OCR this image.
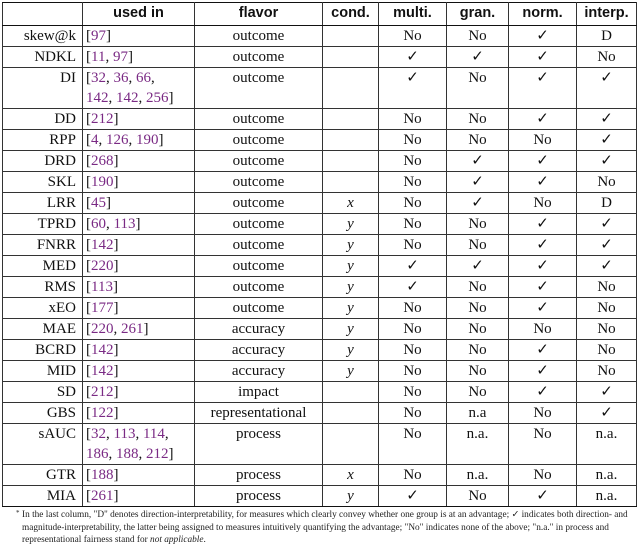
	used in	flavor	cond.	multi.	gran.	norm.	interp.
skew@k	[97]	outcome		No	No	✓	D
NDKL	[11, 97]	outcome		✓	✓	✓	No
DI	[32, 36, 66,
142, 142, 256]	outcome		✓	No	✓	✓
DD	[212]	outcome		No	No	✓	✓
RPP	[4, 126, 190]	outcome		No	No	No	✓
DRD	[268]	outcome		No	✓	✓	✓
SKL	[190]	outcome		No	✓	✓	No
LRR	[45]	outcome	x	No	✓	No	D
TPRD	[60, 113]	outcome	y	No	No	✓	✓
FNRR	[142]	outcome	y	No	No	✓	✓
MED	[220]	outcome	y	✓	✓	✓	✓
RMS	[113]	outcome	y	✓	No	✓	No
xEO	[177]	outcome	y	No	No	✓	No
MAE	[220, 261]	accuracy	y	No	No	No	No
BCRD	[142]	accuracy	y	No	No	✓	No
MID	[142]	accuracy	y	No	No	✓	No
SD	[212]	impact		No	No	✓	✓
GBS	[122]	representational		No	n.a	No	✓
sAUC	[32, 113, 114,
186, 188, 212]	process		No	n.a.	No	n.a.
GTR	[188]	process	x	No	n.a.	No	n.a.
MIA	[261]	process	y	✓	No	✓	n.a.
* In the last column, "D" denotes direction-interpretability, for measures which clearly convey whether one group is at an advantage; ✓ indicates both direction- and magnitude-interpretability, the latter being assigned to measures intuitively quantifying the advantage; "No" indicates none of the above; "n.a." in process and representational fairness stand for not applicable.
